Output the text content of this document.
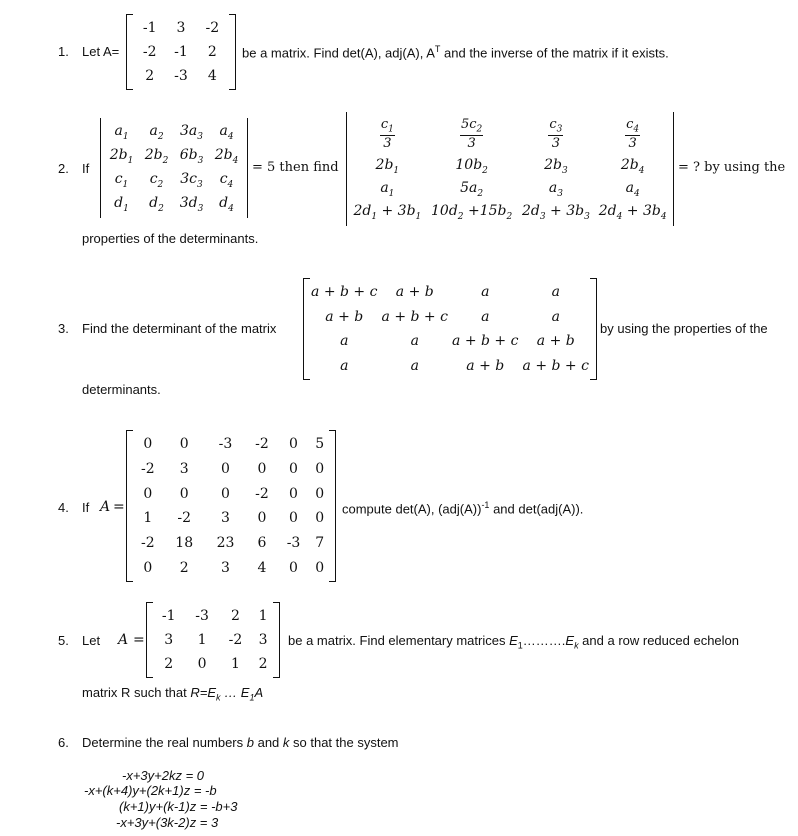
1. Let A=
-1	3	-2
-2	-1	2
2	-3	4
be a matrix. Find det(A), adj(A), $A^T$ and the inverse of the matrix if it exists.
2. If
$a_1$	$a_2$	$3a_3$	$a_4$
$2b_1$	$2b_2$	$6b_3$	$2b_4$
$c_1$	$c_2$	$3c_3$	$c_4$
$d_1$	$d_2$	$3d_3$	$d_4$
= 5 then find
$\frac{c_1}{3}$	$\frac{5c_2}{3}$	$\frac{c_3}{3}$	$\frac{c_4}{3}$

$2b_1$	$10b_2$	$2b_3$	$2b_4$
$a_1$	$5a_2$	$a_3$	$a_4$
$2d_1 + 3b_1$	$10d_2 +15b_2$	$2d_3 + 3b_3$	$2d_4 + 3b_4$
= ? by using the
properties of the determinants.
3. Find the determinant of the matrix
a + b + c	a + b	a	a
a + b	a + b + c	a	a
a	a	a + b + c	a + b
a	a	a + b	a + b + c
by using the properties of the
determinants.
4. If A =
0	0	-3	-2	0	5
-2	3	0	0	0	0
0	0	0	-2	0	0
1	-2	3	0	0	0
-2	18	23	6	-3	7
0	2	3	4	0	0
compute det(A), $(adj(A))^{-1}$ and det(adj(A)).
5. Let A =
-1	-3	2	1
3	1	-2	3
2	0	1	2
be a matrix. Find elementary matrices $E_1\dots\dots\dots.E_k$ and a row reduced echelon
matrix R such that $R=E_k$ … $E_1A$
6. Determine the real numbers b and k so that the system
-x+3y+2kz = 0
-x+(k+4)y+(2k+1)z = -b
(k+1)y+(k-1)z = -b+3
-x+3y+(3k-2)z = 3
